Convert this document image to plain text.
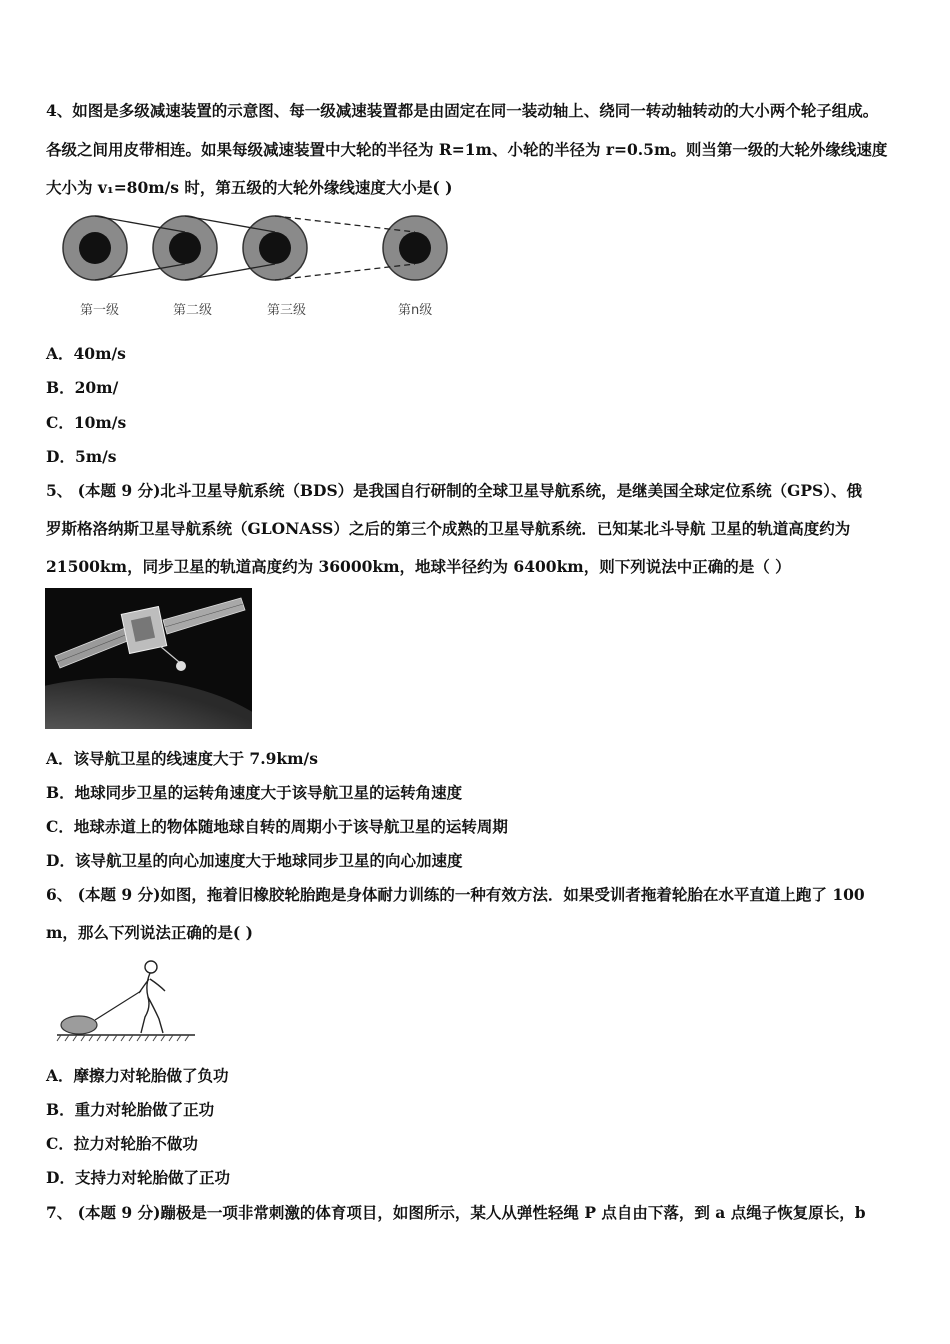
4、如图是多级减速装置的示意图、每一级减速装置都是由固定在同一装动轴上、绕同一转动轴转动的大小两个轮子组成。
各级之间用皮带相连。如果每级减速装置中大轮的半径为 R=1m、小轮的半径为 r=0.5m。则当第一级的大轮外缘线速度
大小为 v₁=80m/s 时，第五级的大轮外缘线速度大小是( )
第一级	第二级	第三级	第n级
A．40m/s
B．20m/
C．10m/s
D．5m/s
5、 (本题 9 分)北斗卫星导航系统（BDS）是我国自行研制的全球卫星导航系统，是继美国全球定位系统（GPS）、俄
罗斯格洛纳斯卫星导航系统（GLONASS）之后的第三个成熟的卫星导航系统．已知某北斗导航 卫星的轨道高度约为
21500km，同步卫星的轨道高度约为 36000km，地球半径约为 6400km，则下列说法中正确的是（ ）
A．该导航卫星的线速度大于 7.9km/s
B．地球同步卫星的运转角速度大于该导航卫星的运转角速度
C．地球赤道上的物体随地球自转的周期小于该导航卫星的运转周期
D．该导航卫星的向心加速度大于地球同步卫星的向心加速度
6、 (本题 9 分)如图，拖着旧橡胶轮胎跑是身体耐力训练的一种有效方法．如果受训者拖着轮胎在水平直道上跑了 100
m，那么下列说法正确的是( )
A．摩擦力对轮胎做了负功
B．重力对轮胎做了正功
C．拉力对轮胎不做功
D．支持力对轮胎做了正功
7、 (本题 9 分)蹦极是一项非常刺激的体育项目，如图所示，某人从弹性轻绳 P 点自由下落，到 a 点绳子恢复原长，b
